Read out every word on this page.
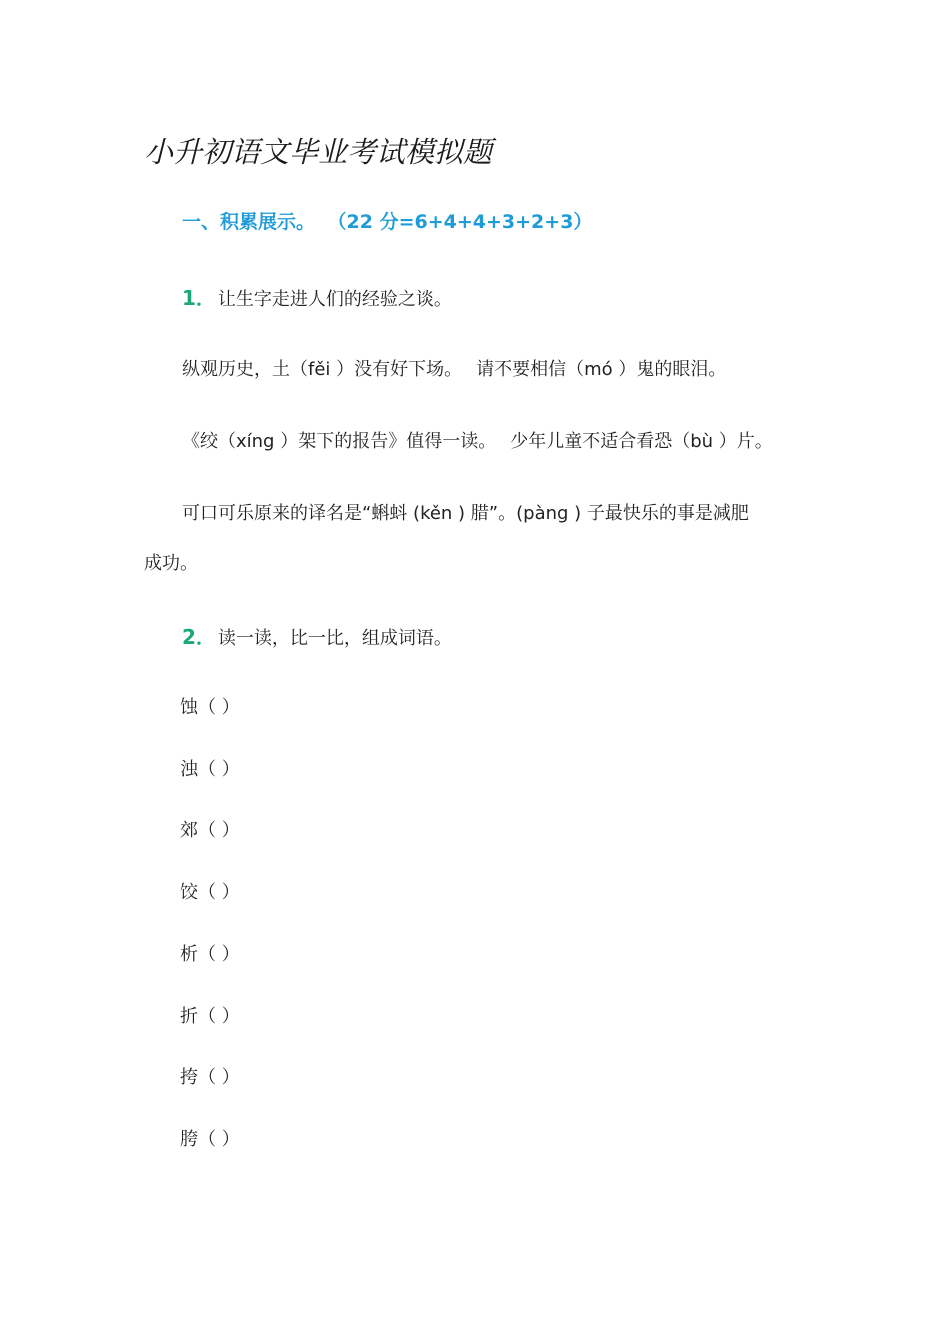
小升初语文毕业考试模拟题
一、积累展示。 （22 分=6+4+4+3+2+3）
1． 让生字走进人们的经验之谈。
纵观历史，土（fěi ）没有好下场。 请不要相信（mó ）鬼的眼泪。
《绞（xíng ）架下的报告》值得一读。 少年儿童不适合看恐（bù ）片。
可口可乐原来的译名是“蝌蚪 (kěn ) 腊”。(pàng ) 子最快乐的事是减肥
成功。
2． 读一读，比一比，组成词语。
蚀（ ）
浊（ ）
郊（ ）
饺（ ）
析（ ）
折（ ）
挎（ ）
胯（ ）
